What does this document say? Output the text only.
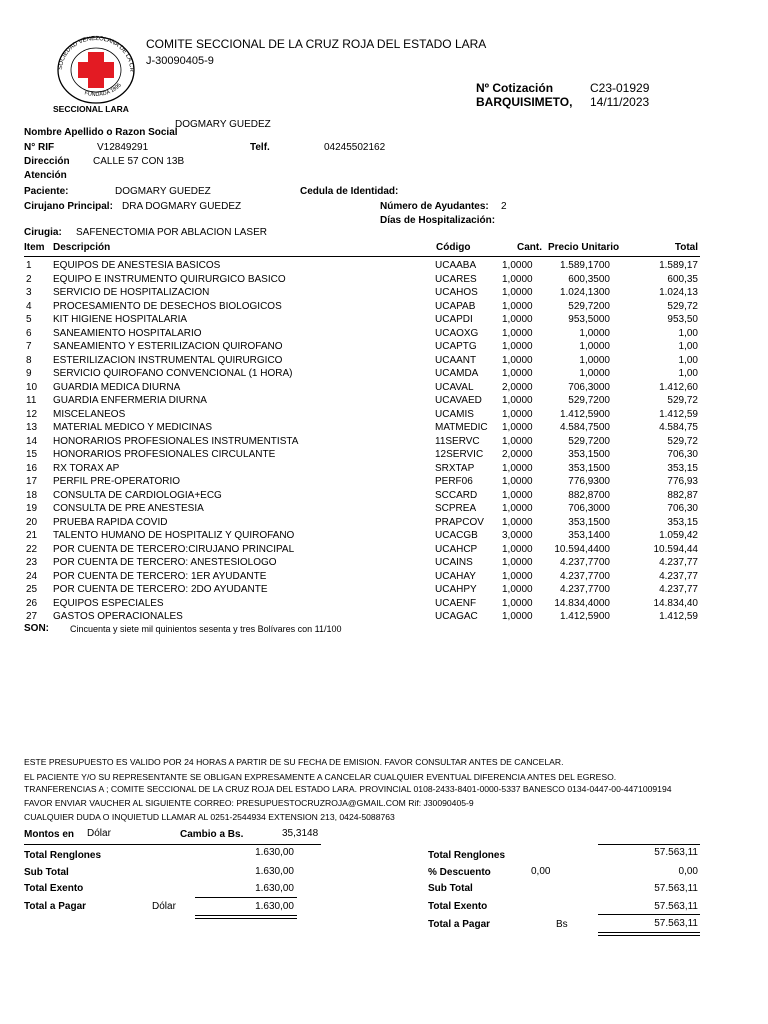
SOCIEDAD VENEZOLANA DE LA CR
FUNDADA 1895
SECCIONAL LARA
COMITE SECCIONAL DE LA CRUZ ROJA DEL ESTADO LARA
J-30090405-9
Nº Cotización	C23-01929
BARQUISIMETO, 14/11/2023
DOGMARY GUEDEZ
Nombre Apellido o Razon Social
N° RIF	V12849291	Telf.	04245502162
Dirección CALLE 57 CON 13B
Atención
Paciente:	DOGMARY GUEDEZ	Cedula de Identidad:
Cirujano Principal: DRA DOGMARY GUEDEZ	Número de Ayudantes: 2
Días de Hospitalización:
Cirugia: SAFENECTOMIA POR ABLACION LASER
Item Descripción	Código	Cant. Precio Unitario	Total
1 EQUIPOS DE ANESTESIA BASICOS	UCAABA	1,0000	1.589,1700	1.589,17
2 EQUIPO E INSTRUMENTO QUIRURGICO BASICO	UCARES	1,0000	600,3500	600,35
3 SERVICIO DE HOSPITALIZACION	UCAHOS 1,0000	1.024,1300	1.024,13
4 PROCESAMIENTO DE DESECHOS BIOLOGICOS	UCAPAB	1,0000	529,7200	529,72
5 KIT HIGIENE HOSPITALARIA	UCAPDI	1,0000	953,5000	953,50
6 SANEAMIENTO HOSPITALARIO	UCAOXG 1,0000	1,0000	1,00
7 SANEAMIENTO Y ESTERILIZACION QUIROFANO	UCAPTG	1,0000	1,0000	1,00
8 ESTERILIZACION INSTRUMENTAL QUIRURGICO	UCAANT	1,0000	1,0000	1,00
9 SERVICIO QUIROFANO CONVENCIONAL (1 HORA)	UCAMDA 1,0000	1,0000	1,00
10 GUARDIA MEDICA DIURNA	UCAVAL	2,0000	706,3000	1.412,60
11 GUARDIA ENFERMERIA DIURNA	UCAVAED 1,0000	529,7200	529,72
12 MISCELANEOS	UCAMIS	1,0000	1.412,5900	1.412,59
13 MATERIAL MEDICO Y MEDICINAS	MATMEDIC 1,0000	4.584,7500	4.584,75
14 HONORARIOS PROFESIONALES INSTRUMENTISTA	11SERVC 1,0000	529,7200	529,72
15 HONORARIOS PROFESIONALES CIRCULANTE	12SERVIC 2,0000	353,1500	706,30
16 RX TORAX AP	SRXTAP	1,0000	353,1500	353,15
17 PERFIL PRE-OPERATORIO	PERF06	1,0000	776,9300	776,93
18 CONSULTA DE CARDIOLOGIA+ECG	SCCARD 1,0000	882,8700	882,87
19 CONSULTA DE PRE ANESTESIA	SCPREA	1,0000	706,3000	706,30
20 PRUEBA RAPIDA COVID	PRAPCOV 1,0000	353,1500	353,15
21 TALENTO HUMANO DE HOSPITALIZ Y QUIROFANO	UCACGB 3,0000	353,1400	1.059,42
22 POR CUENTA DE TERCERO:CIRUJANO PRINCIPAL	UCAHCP 1,0000 10.594,4400	10.594,44
23 POR CUENTA DE TERCERO: ANESTESIOLOGO	UCAINS	1,0000	4.237,7700	4.237,77
24 POR CUENTA DE TERCERO: 1ER AYUDANTE	UCAHAY	1,0000	4.237,7700	4.237,77
25 POR CUENTA DE TERCERO: 2DO AYUDANTE	UCAHPY	1,0000	4.237,7700	4.237,77
26 EQUIPOS ESPECIALES	UCAENF	1,0000 14.834,4000	14.834,40
27 GASTOS OPERACIONALES	UCAGAC 1,0000	1.412,5900	1.412,59
SON: Cincuenta y siete mil quinientos sesenta y tres Bolívares con 11/100
ESTE PRESUPUESTO ES VALIDO POR 24 HORAS A PARTIR DE SU FECHA DE EMISION. FAVOR CONSULTAR ANTES DE CANCELAR.
EL PACIENTE Y/O SU REPRESENTANTE SE OBLIGAN EXPRESAMENTE A CANCELAR CUALQUIER EVENTUAL DIFERENCIA ANTES DEL EGRESO.
TRANFERENCIAS A ; COMITE SECCIONAL DE LA CRUZ ROJA DEL ESTADO LARA. PROVINCIAL 0108-2433-8401-0000-5337 BANESCO 0134-0447-00-4471009194
FAVOR ENVIAR VAUCHER AL SIGUIENTE CORREO: PRESUPUESTOCRUZROJA@GMAIL.COM Rif: J30090405-9
CUALQUIER DUDA O INQUIETUD LLAMAR AL 0251-2544934 EXTENSION 213, 0424-5088763
Montos en Dólar	Cambio a Bs.	35,3148
Total Renglones	1.630,00
Sub Total	1.630,00
Total Exento	1.630,00
Total a Pagar	Dólar	1.630,00
Total Renglones	57.563,11
% Descuento	0,00	0,00
Sub Total	57.563,11
Total Exento	57.563,11
Total a Pagar	Bs	57.563,11
